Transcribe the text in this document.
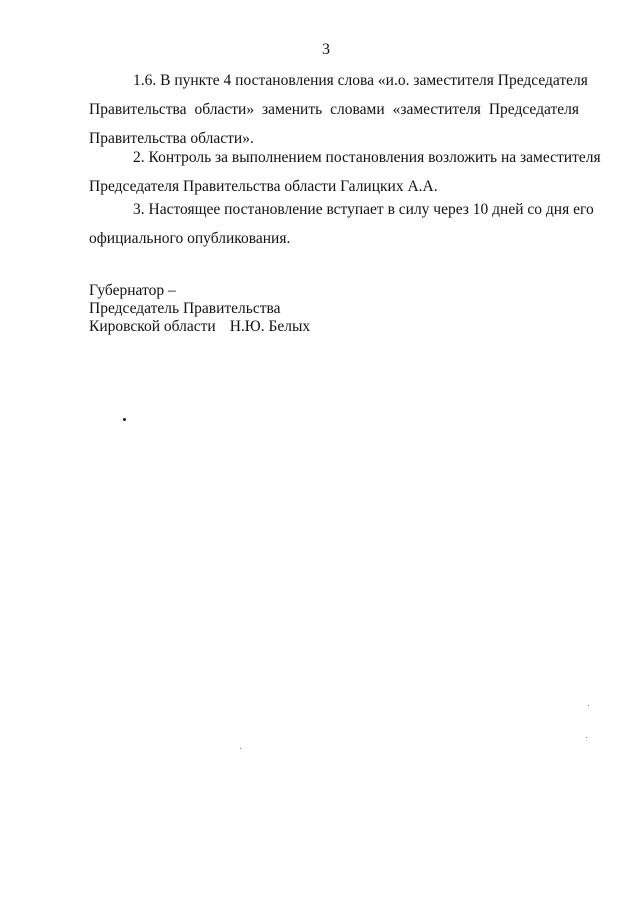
3
1.6. В пункте 4 постановления слова «и.о. заместителя Председателя
Правительства области» заменить словами «заместителя Председателя
Правительства области».
2. Контроль за выполнением постановления возложить на заместителя
Председателя Правительства области Галицких А.А.
3. Настоящее постановление вступает в силу через 10 дней со дня его
официального опубликования.
Губернатор –
Председатель Правительства
Кировской области Н.Ю. Белых
